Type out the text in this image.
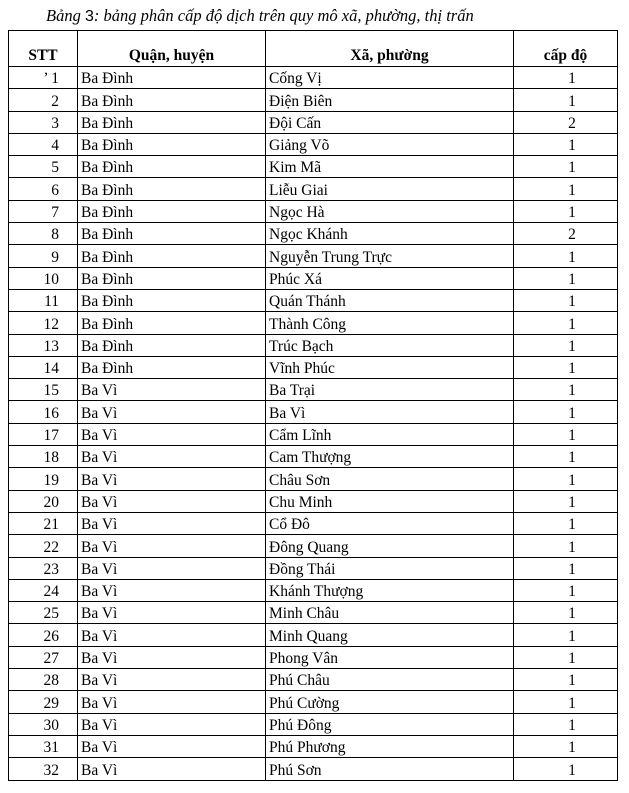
Bảng 3: bảng phân cấp độ dịch trên quy mô xã, phường, thị trấn
STT	Quận, huyện	Xã, phường	cấp độ
’ 1	Ba Đình	Cống Vị	1
2	Ba Đình	Điện Biên	1
3	Ba Đình	Đội Cấn	2
4	Ba Đình	Giảng Võ	1
5	Ba Đình	Kim Mã	1
6	Ba Đình	Liễu Giai	1
7	Ba Đình	Ngọc Hà	1
8	Ba Đình	Ngọc Khánh	2
9	Ba Đình	Nguyễn Trung Trực	1
10	Ba Đình	Phúc Xá	1
11	Ba Đình	Quán Thánh	1
12	Ba Đình	Thành Công	1
13	Ba Đình	Trúc Bạch	1
14	Ba Đình	Vĩnh Phúc	1
15	Ba Vì	Ba Trại	1
16	Ba Vì	Ba Vì	1
17	Ba Vì	Cẩm Lĩnh	1
18	Ba Vì	Cam Thượng	1
19	Ba Vì	Châu Sơn	1
20	Ba Vì	Chu Minh	1
21	Ba Vì	Cổ Đô	1
22	Ba Vì	Đông Quang	1
23	Ba Vì	Đồng Thái	1
24	Ba Vì	Khánh Thượng	1
25	Ba Vì	Minh Châu	1
26	Ba Vì	Minh Quang	1
27	Ba Vì	Phong Vân	1
28	Ba Vì	Phú Châu	1
29	Ba Vì	Phú Cường	1
30	Ba Vì	Phú Đông	1
31	Ba Vì	Phú Phương	1
32	Ba Vì	Phú Sơn	1
